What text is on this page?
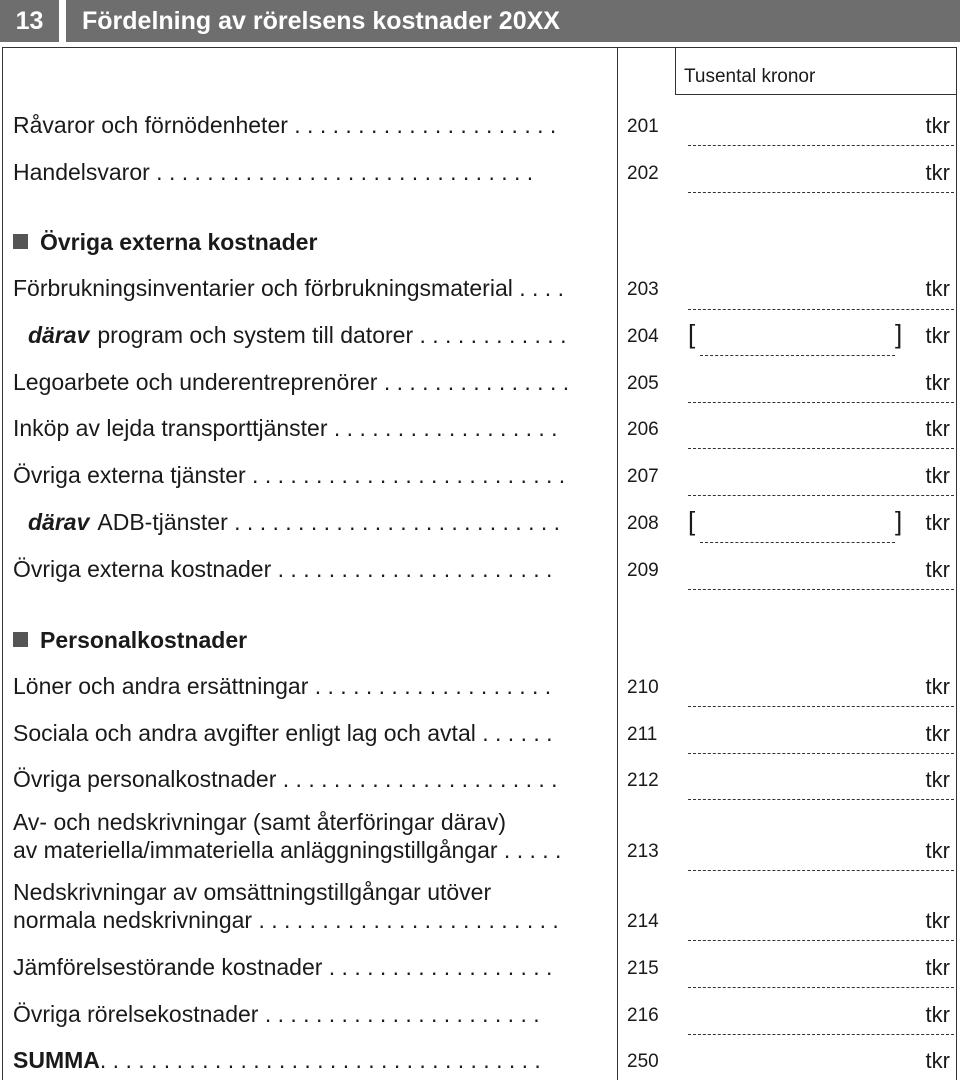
13	Fördelning av rörelsens kostnader 20XX
Tusental kronor
Råvaror och förnödenheter . . . . . . . . . . . . . . . . . . . . .	201	tkr
Handelsvaror . . . . . . . . . . . . . . . . . . . . . . . . . . . . . .	202	tkr
Övriga externa kostnader
Förbrukningsinventarier och förbrukningsmaterial . . . .	203	tkr
därav program och system till datorer . . . . . . . . . . . .	204 [	] tkr
Legoarbete och underentreprenörer . . . . . . . . . . . . . . .	205	tkr
Inköp av lejda transporttjänster . . . . . . . . . . . . . . . . . .	206	tkr
Övriga externa tjänster . . . . . . . . . . . . . . . . . . . . . . . . .	207	tkr
därav ADB-tjänster . . . . . . . . . . . . . . . . . . . . . . . . . .	208 [	] tkr
Övriga externa kostnader . . . . . . . . . . . . . . . . . . . . . .	209	tkr
Personalkostnader
Löner och andra ersättningar . . . . . . . . . . . . . . . . . . .	210	tkr
Sociala och andra avgifter enligt lag och avtal . . . . . .	211	tkr
Övriga personalkostnader . . . . . . . . . . . . . . . . . . . . . .	212	tkr
Av- och nedskrivningar (samt återföringar därav)
av materiella/immateriella anläggningstillgångar . . . . .	213	tkr
Nedskrivningar av omsättningstillgångar utöver
normala nedskrivningar . . . . . . . . . . . . . . . . . . . . . . . .	214	tkr
Jämförelsestörande kostnader . . . . . . . . . . . . . . . . . .	215	tkr
Övriga rörelsekostnader . . . . . . . . . . . . . . . . . . . . . .	216	tkr
SUMMA. . . . . . . . . . . . . . . . . . . . . . . . . . . . . . . . . . .	250	tkr
